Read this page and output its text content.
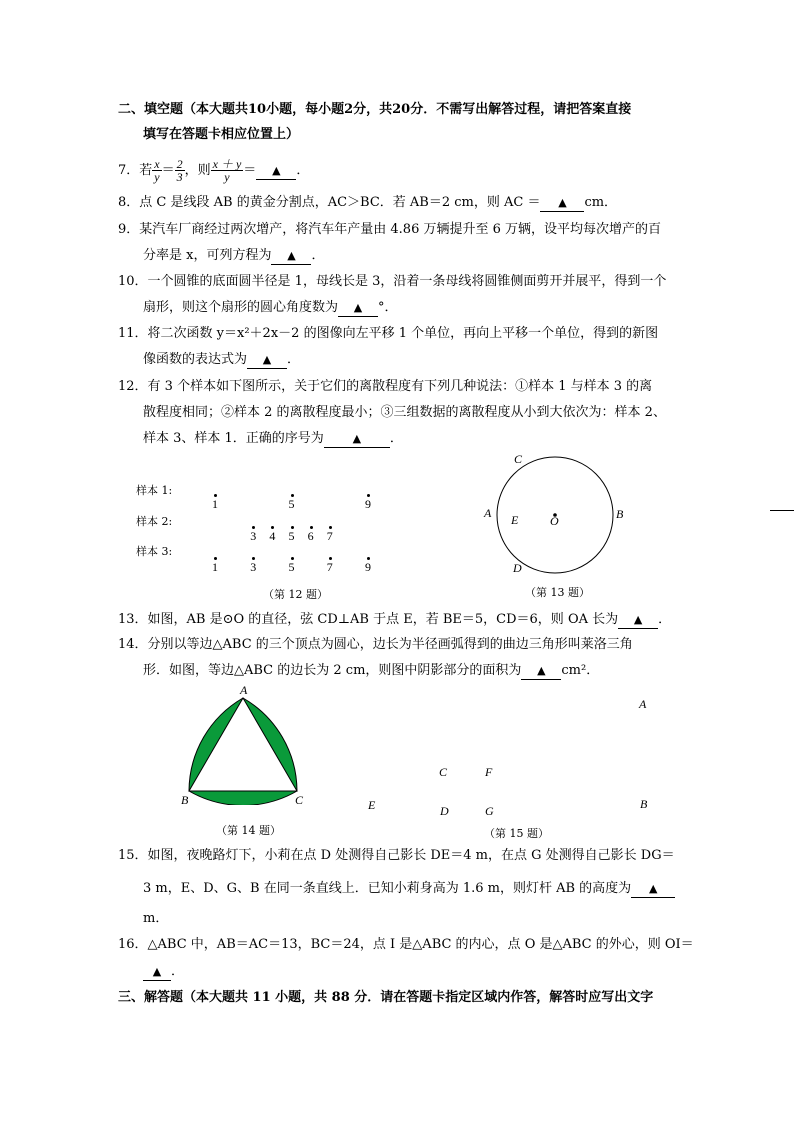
二、填空题（本大题共10小题，每小题2分，共20分．不需写出解答过程，请把答案直接
填写在答题卡相应位置上）
7．若 $\frac{x}{y} = \frac{2}{3}$ ，则 $\frac{x + y}{y}$ ＝ ▲ ．
8．点 C 是线段 AB 的黄金分割点，AC＞BC．若 AB＝2 cm，则 AC ＝ ▲ cm．
9．某汽车厂商经过两次增产，将汽车年产量由 4.86 万辆提升至 6 万辆，设平均每次增产的百
分率是 x，可列方程为 ▲ ．
10．一个圆锥的底面圆半径是 1，母线长是 3，沿着一条母线将圆锥侧面剪开并展平，得到一个
扇形，则这个扇形的圆心角度数为 ▲ °．
11．将二次函数 y＝x²＋2x－2 的图像向左平移 1 个单位，再向上平移一个单位，得到的新图
像函数的表达式为 ▲ ．
12．有 3 个样本如下图所示，关于它们的离散程度有下列几种说法：①样本 1 与样本 3 的离
散程度相同；②样本 2 的离散程度最小；③三组数据的离散程度从小到大依次为：样本 2、
样本 3、样本 1．正确的序号为	▲ ．
样本 1:
样本 2:
样本 3:
1	5	9
3 4 5 6 7
1	3	5	7	9
（第 12 题）
C
A E	O	B
D
（第 13 题）
13．如图，AB 是⊙O 的直径，弦 CD⊥AB 于点 E，若 BE＝5，CD＝6，则 OA 长为 ▲ ．
14．分别以等边△ABC 的三个顶点为圆心，边长为半径画弧得到的曲边三角形叫莱洛三角
形．如图，等边△ABC 的边长为 2 cm，则图中阴影部分的面积为 ▲ cm²．
A
B	C
（第 14 题）
A
C	F
E	D	G	B
（第 15 题）
15．如图，夜晚路灯下，小莉在点 D 处测得自己影长 DE＝4 m，在点 G 处测得自己影长 DG＝
3 m，E、D、G、B 在同一条直线上．已知小莉身高为 1.6 m，则灯杆 AB 的高度为 ▲
m．
16．△ABC 中，AB＝AC＝13，BC＝24，点 I 是△ABC 的内心，点 O 是△ABC 的外心，则 OI＝
▲ ．
三、解答题（本大题共 11 小题，共 88 分．请在答题卡指定区域内作答，解答时应写出文字
